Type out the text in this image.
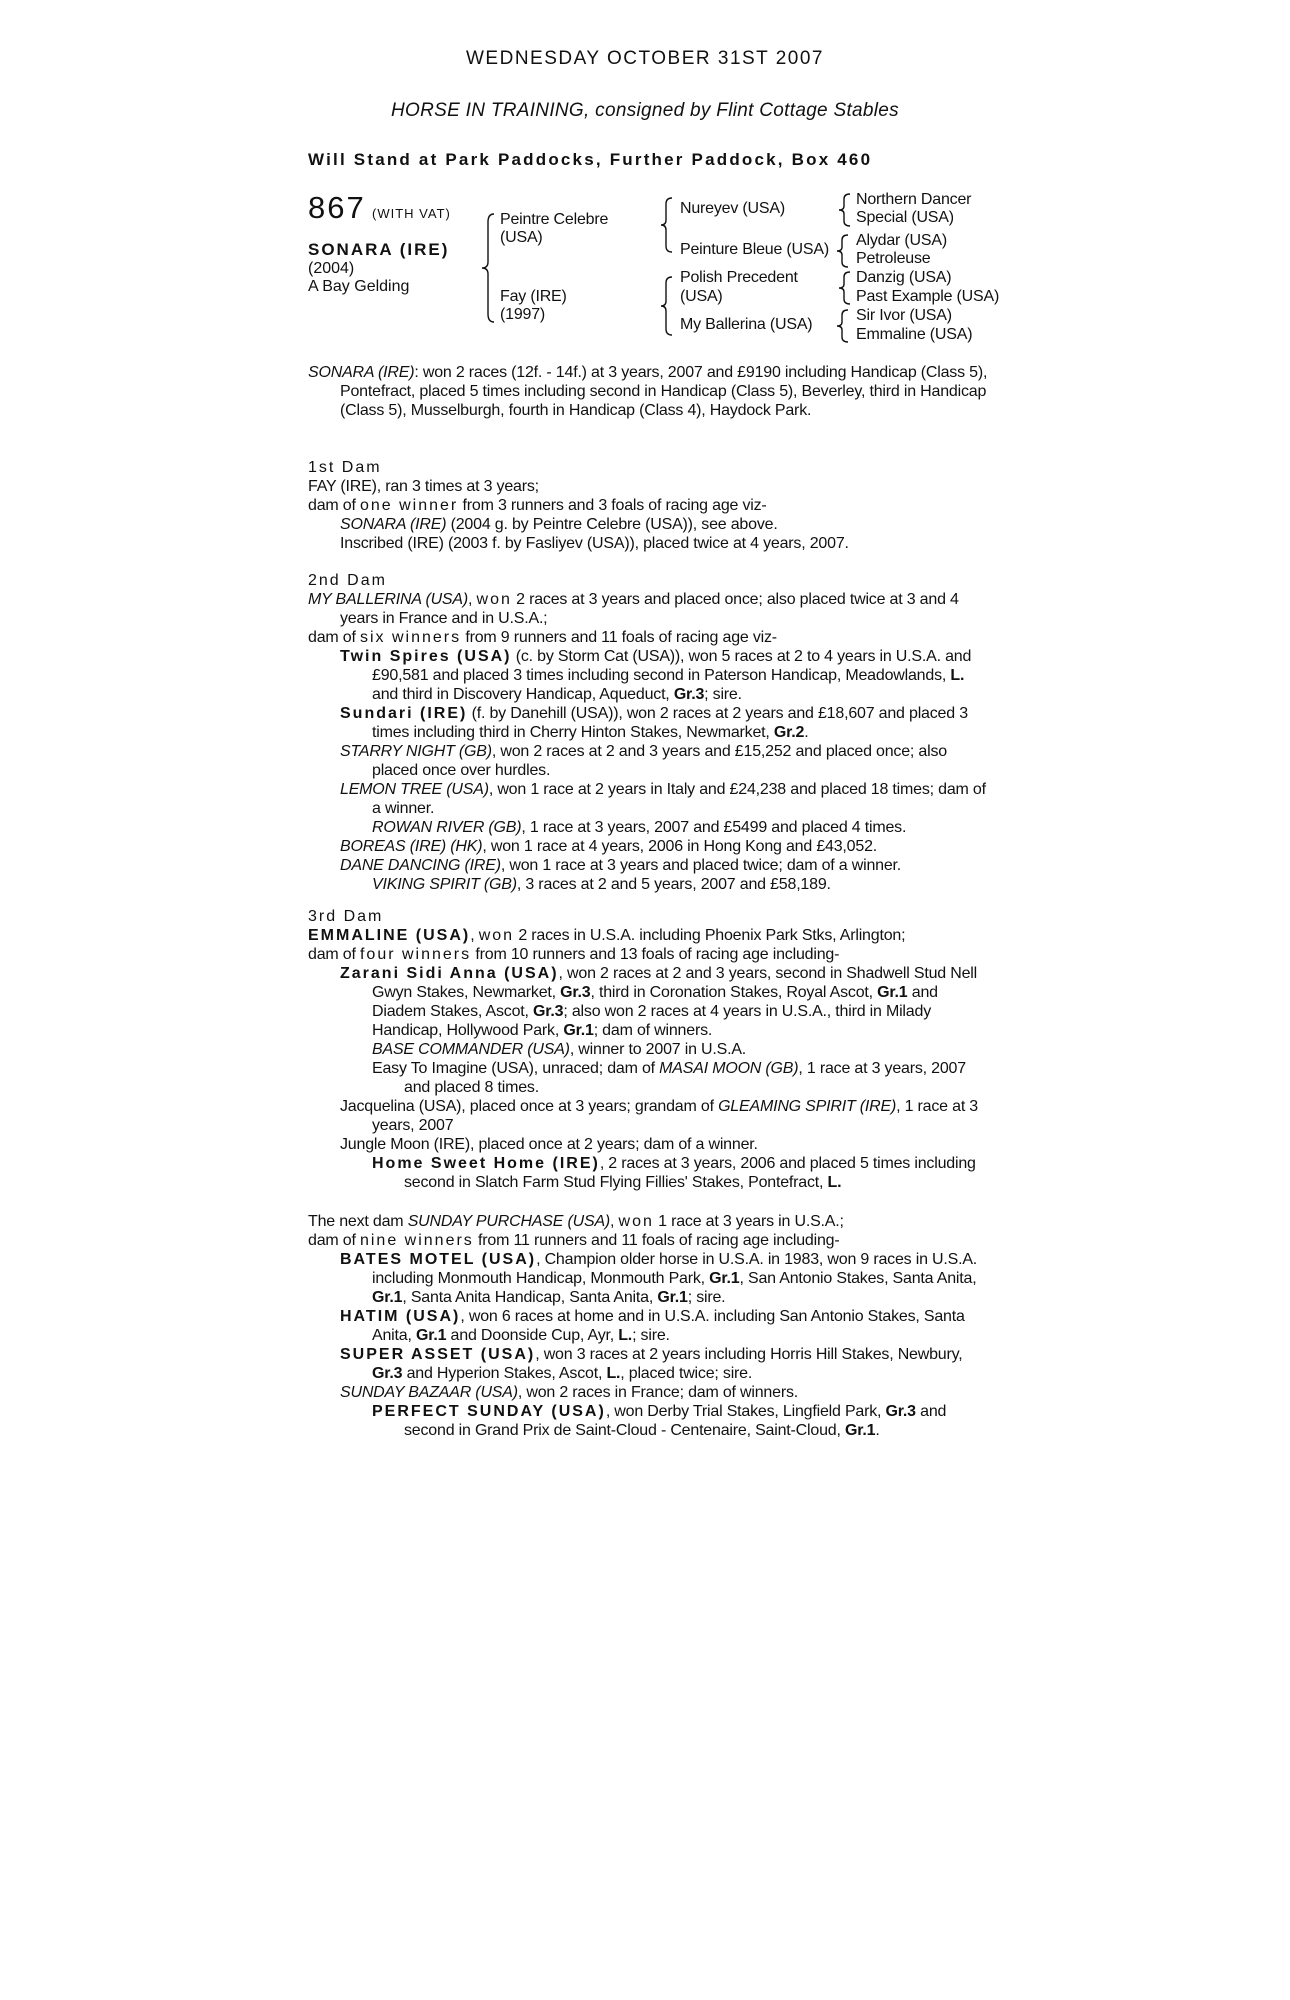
WEDNESDAY OCTOBER 31ST 2007
HORSE IN TRAINING, consigned by Flint Cottage Stables
Will Stand at Park Paddocks, Further Paddock, Box 460
867 (WITH VAT)
SONARA (IRE)
(2004)
A Bay Gelding
Peintre Celebre
(USA)
Fay (IRE)
(1997)
Nureyev (USA)
Peinture Bleue (USA)
Polish Precedent
(USA)
My Ballerina (USA)
Northern Dancer
Special (USA)
Alydar (USA)
Petroleuse
Danzig (USA)
Past Example (USA)
Sir Ivor (USA)
Emmaline (USA)

SONARA (IRE): won 2 races (12f. - 14f.) at 3 years, 2007 and £9190 including Handicap (Class 5), Pontefract, placed 5 times including second in Handicap (Class 5), Beverley, third in Handicap (Class 5), Musselburgh, fourth in Handicap (Class 4), Haydock Park.

1st Dam

FAY (IRE), ran 3 times at 3 years;

dam of one winner from 3 runners and 3 foals of racing age viz-

SONARA (IRE) (2004 g. by Peintre Celebre (USA)), see above.

Inscribed (IRE) (2003 f. by Fasliyev (USA)), placed twice at 4 years, 2007.

2nd Dam

MY BALLERINA (USA), won 2 races at 3 years and placed once; also placed twice at 3 and 4 years in France and in U.S.A.;

dam of six winners from 9 runners and 11 foals of racing age viz-

Twin Spires (USA) (c. by Storm Cat (USA)), won 5 races at 2 to 4 years in U.S.A. and £90,581 and placed 3 times including second in Paterson Handicap, Meadowlands, L. and third in Discovery Handicap, Aqueduct, Gr.3; sire.

Sundari (IRE) (f. by Danehill (USA)), won 2 races at 2 years and £18,607 and placed 3 times including third in Cherry Hinton Stakes, Newmarket, Gr.2.

STARRY NIGHT (GB), won 2 races at 2 and 3 years and £15,252 and placed once; also placed once over hurdles.

LEMON TREE (USA), won 1 race at 2 years in Italy and £24,238 and placed 18 times; dam of a winner.

ROWAN RIVER (GB), 1 race at 3 years, 2007 and £5499 and placed 4 times.

BOREAS (IRE) (HK), won 1 race at 4 years, 2006 in Hong Kong and £43,052.

DANE DANCING (IRE), won 1 race at 3 years and placed twice; dam of a winner.

VIKING SPIRIT (GB), 3 races at 2 and 5 years, 2007 and £58,189.

3rd Dam

EMMALINE (USA), won 2 races in U.S.A. including Phoenix Park Stks, Arlington;

dam of four winners from 10 runners and 13 foals of racing age including-

Zarani Sidi Anna (USA), won 2 races at 2 and 3 years, second in Shadwell Stud Nell Gwyn Stakes, Newmarket, Gr.3, third in Coronation Stakes, Royal Ascot, Gr.1 and Diadem Stakes, Ascot, Gr.3; also won 2 races at 4 years in U.S.A., third in Milady Handicap, Hollywood Park, Gr.1; dam of winners.

BASE COMMANDER (USA), winner to 2007 in U.S.A.

Easy To Imagine (USA), unraced; dam of MASAI MOON (GB), 1 race at 3 years, 2007 and placed 8 times.

Jacquelina (USA), placed once at 3 years; grandam of GLEAMING SPIRIT (IRE), 1 race at 3 years, 2007

Jungle Moon (IRE), placed once at 2 years; dam of a winner.

Home Sweet Home (IRE), 2 races at 3 years, 2006 and placed 5 times including second in Slatch Farm Stud Flying Fillies' Stakes, Pontefract, L.

The next dam SUNDAY PURCHASE (USA), won 1 race at 3 years in U.S.A.;

dam of nine winners from 11 runners and 11 foals of racing age including-

BATES MOTEL (USA), Champion older horse in U.S.A. in 1983, won 9 races in U.S.A. including Monmouth Handicap, Monmouth Park, Gr.1, San Antonio Stakes, Santa Anita, Gr.1, Santa Anita Handicap, Santa Anita, Gr.1; sire.

HATIM (USA), won 6 races at home and in U.S.A. including San Antonio Stakes, Santa Anita, Gr.1 and Doonside Cup, Ayr, L.; sire.

SUPER ASSET (USA), won 3 races at 2 years including Horris Hill Stakes, Newbury, Gr.3 and Hyperion Stakes, Ascot, L., placed twice; sire.

SUNDAY BAZAAR (USA), won 2 races in France; dam of winners.

PERFECT SUNDAY (USA), won Derby Trial Stakes, Lingfield Park, Gr.3 and second in Grand Prix de Saint-Cloud - Centenaire, Saint-Cloud, Gr.1.
